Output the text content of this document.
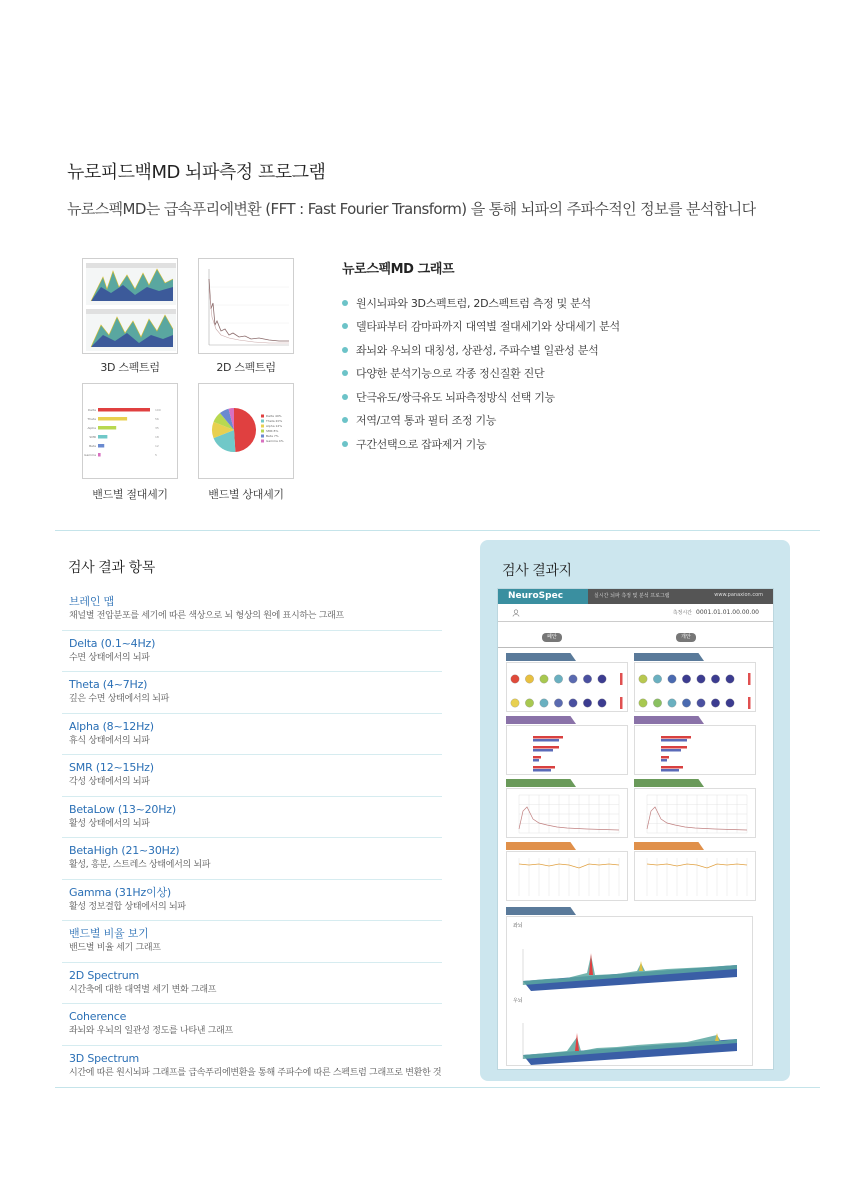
뉴로피드백MD 뇌파측정 프로그램

뉴로스펙MD는 급속푸리에변환 (FFT : Fast Fourier Transform) 을 통해 뇌파의 주파수적인 정보를 분석합니다

3D 스펙트럼	2D 스펙트럼
Delta	100
Theta	56
Alpha	35
SMR	18
Beta	12
Gamma	5
밴드별 절대세기
Delta 49%
Theta 20%
Alpha 12%
SMR 8%
Beta 7%
Gamma 4%
밴드별 상대세기
뉴로스펙MD 그래프
원시뇌파와 3D스펙트럼, 2D스펙트럼 측정 및 분석
델타파부터 감마파까지 대역별 절대세기와 상대세기 분석
좌뇌와 우뇌의 대칭성, 상관성, 주파수별 일관성 분석
다양한 분석기능으로 각종 정신질환 진단
단극유도/쌍극유도 뇌파측정방식 선택 기능
저역/고역 통과 필터 조정 기능
구간선택으로 잡파제거 기능
검사 결과 항목
브레인 맵
채널별 전압분포를 세기에 따른 색상으로 뇌 형상의 원에 표시하는 그래프
Delta (0.1~4Hz)
수면 상태에서의 뇌파
Theta (4~7Hz)
깊은 수면 상태에서의 뇌파
Alpha (8~12Hz)
휴식 상태에서의 뇌파
SMR (12~15Hz)
각성 상태에서의 뇌파
BetaLow (13~20Hz)
활성 상태에서의 뇌파
BetaHigh (21~30Hz)
활성, 흥분, 스트레스 상태에서의 뇌파
Gamma (31Hz이상)
활성 정보결합 상태에서의 뇌파
밴드별 비율 보기
밴드별 비율 세기 그래프
2D Spectrum
시간축에 대한 대역별 세기 변화 그래프
Coherence
좌뇌와 우뇌의 일관성 정도를 나타낸 그래프
3D Spectrum
시간에 따른 원시뇌파 그래프를 급속푸리에변환을 통해 주파수에 따른 스펙트럼 그래프로 변환한 것
검사 결과지
NeuroSpec	실시간 뇌파 측정 및 분석 프로그램	www.panaxion.com
측정시간 0001.01.01.00.00.00
폐안	개안
좌뇌
우뇌
